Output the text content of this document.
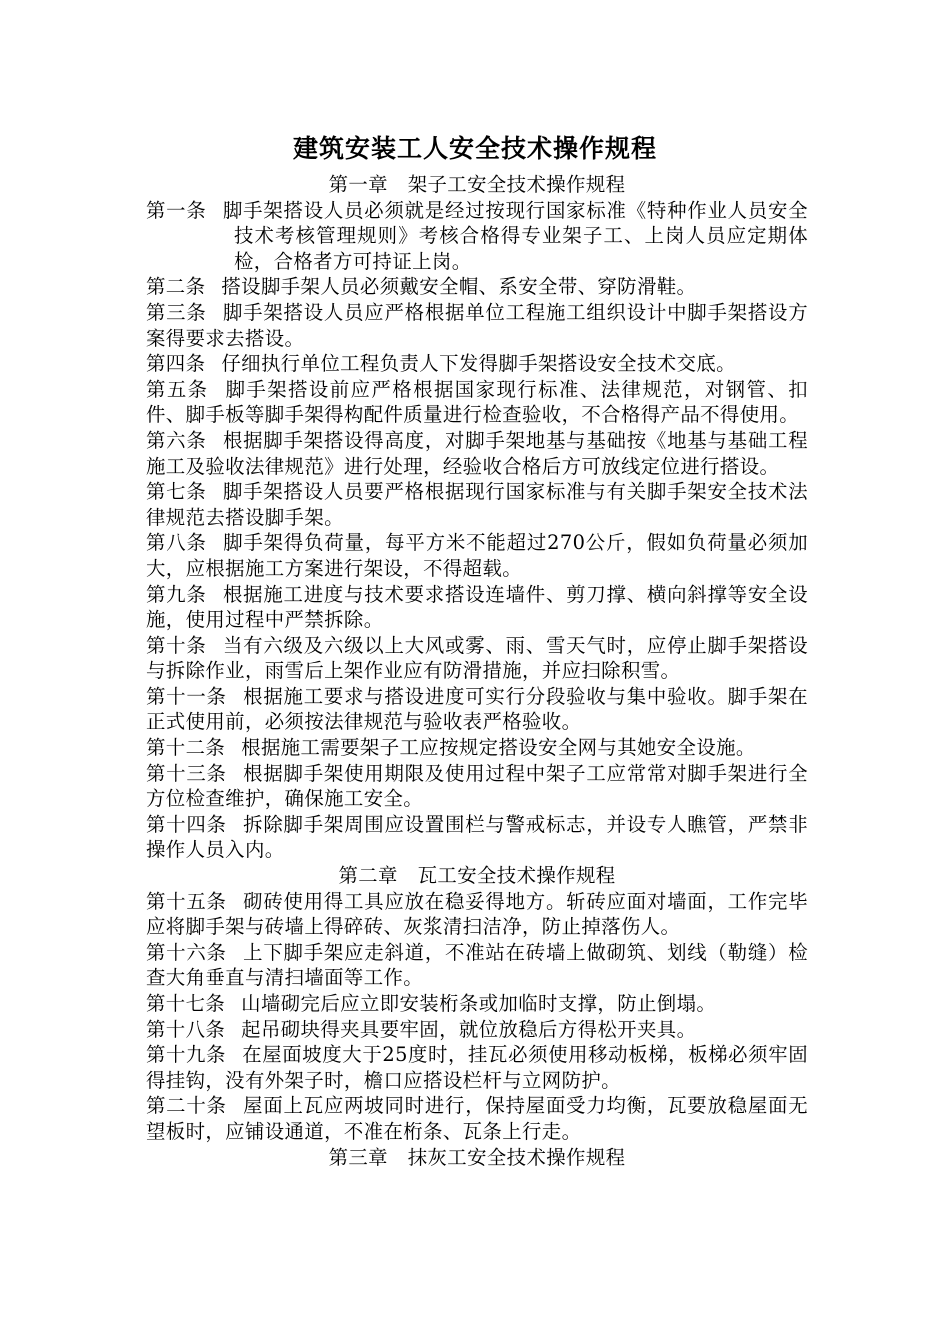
建筑安装工人安全技术操作规程
第一章　架子工安全技术操作规程
第一条 脚手架搭设人员必须就是经过按现行国家标准《特种作业人员安全技术考核管理规则》考核合格得专业架子工、上岗人员应定期体检，合格者方可持证上岗。
第二条 搭设脚手架人员必须戴安全帽、系安全带、穿防滑鞋。
第三条 脚手架搭设人员应严格根据单位工程施工组织设计中脚手架搭设方案得要求去搭设。
第四条 仔细执行单位工程负责人下发得脚手架搭设安全技术交底。
第五条 脚手架搭设前应严格根据国家现行标准、法律规范，对钢管、扣件、脚手板等脚手架得构配件质量进行检查验收，不合格得产品不得使用。
第六条 根据脚手架搭设得高度，对脚手架地基与基础按《地基与基础工程施工及验收法律规范》进行处理，经验收合格后方可放线定位进行搭设。
第七条 脚手架搭设人员要严格根据现行国家标准与有关脚手架安全技术法律规范去搭设脚手架。
第八条 脚手架得负荷量，每平方米不能超过270公斤，假如负荷量必须加大，应根据施工方案进行架设，不得超载。
第九条 根据施工进度与技术要求搭设连墙件、剪刀撑、横向斜撑等安全设施，使用过程中严禁拆除。
第十条 当有六级及六级以上大风或雾、雨、雪天气时，应停止脚手架搭设与拆除作业，雨雪后上架作业应有防滑措施，并应扫除积雪。
第十一条 根据施工要求与搭设进度可实行分段验收与集中验收。脚手架在正式使用前，必须按法律规范与验收表严格验收。
第十二条 根据施工需要架子工应按规定搭设安全网与其她安全设施。
第十三条 根据脚手架使用期限及使用过程中架子工应常常对脚手架进行全方位检查维护，确保施工安全。
第十四条 拆除脚手架周围应设置围栏与警戒标志，并设专人瞧管，严禁非操作人员入内。
第二章　瓦工安全技术操作规程
第十五条 砌砖使用得工具应放在稳妥得地方。斩砖应面对墙面，工作完毕应将脚手架与砖墙上得碎砖、灰浆清扫洁净，防止掉落伤人。
第十六条 上下脚手架应走斜道，不准站在砖墙上做砌筑、划线（勒缝）检查大角垂直与清扫墙面等工作。
第十七条 山墙砌完后应立即安装桁条或加临时支撑，防止倒塌。
第十八条 起吊砌块得夹具要牢固，就位放稳后方得松开夹具。
第十九条 在屋面坡度大于25度时，挂瓦必须使用移动板梯，板梯必须牢固得挂钩，没有外架子时，檐口应搭设栏杆与立网防护。
第二十条 屋面上瓦应两坡同时进行，保持屋面受力均衡，瓦要放稳屋面无望板时，应铺设通道，不准在桁条、瓦条上行走。
第三章　抹灰工安全技术操作规程
